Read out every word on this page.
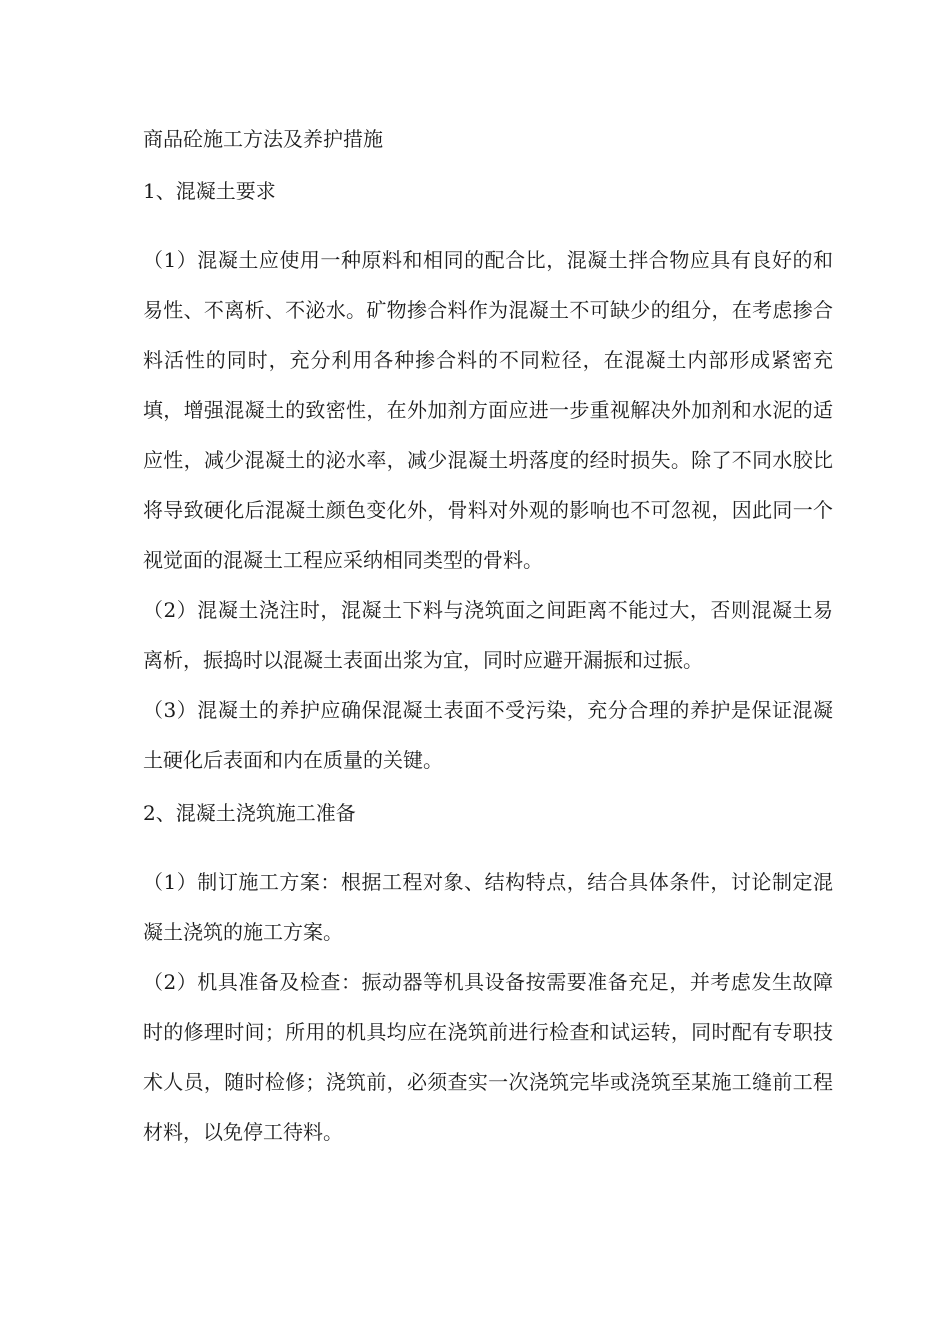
商品砼施工方法及养护措施
1、混凝土要求

（1）混凝土应使用一种原料和相同的配合比，混凝土拌合物应具有良好的和易性、不离析、不泌水。矿物掺合料作为混凝土不可缺少的组分，在考虑掺合料活性的同时，充分利用各种掺合料的不同粒径，在混凝土内部形成紧密充填，增强混凝土的致密性，在外加剂方面应进一步重视解决外加剂和水泥的适应性，减少混凝土的泌水率，减少混凝土坍落度的经时损失。除了不同水胶比将导致硬化后混凝土颜色变化外，骨料对外观的影响也不可忽视，因此同一个视觉面的混凝土工程应采纳相同类型的骨料。

（2）混凝土浇注时，混凝土下料与浇筑面之间距离不能过大，否则混凝土易离析，振捣时以混凝土表面出浆为宜，同时应避开漏振和过振。

（3）混凝土的养护应确保混凝土表面不受污染，充分合理的养护是保证混凝土硬化后表面和内在质量的关键。

2、混凝土浇筑施工准备

（1）制订施工方案：根据工程对象、结构特点，结合具体条件，讨论制定混凝土浇筑的施工方案。

（2）机具准备及检查：振动器等机具设备按需要准备充足，并考虑发生故障时的修理时间；所用的机具均应在浇筑前进行检查和试运转，同时配有专职技术人员，随时检修；浇筑前，必须查实一次浇筑完毕或浇筑至某施工缝前工程材料，以免停工待料。
